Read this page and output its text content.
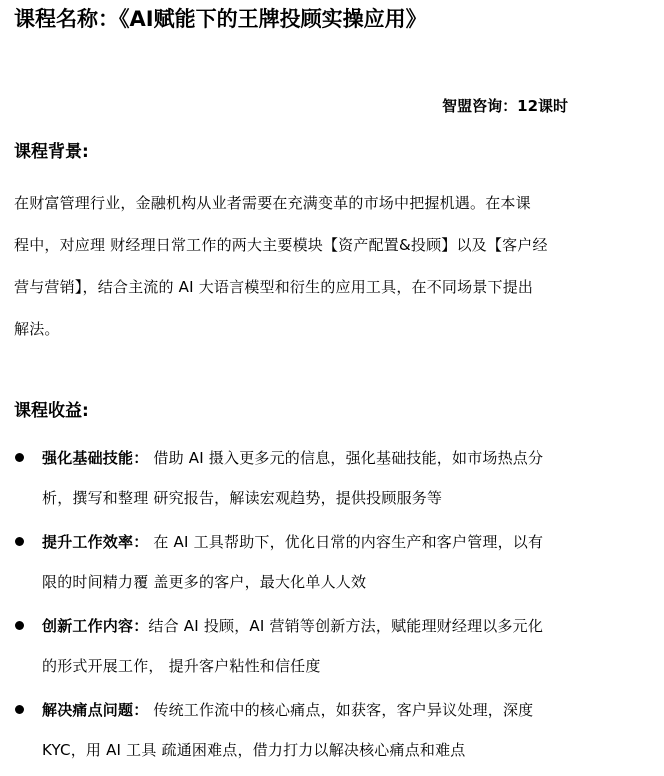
课程名称：《AI赋能下的王牌投顾实操应用》
智盟咨询：12课时
课程背景:
在财富管理行业，金融机构从业者需要在充满变革的市场中把握机遇。在本课
程中，对应理 财经理日常工作的两大主要模块【资产配置&投顾】以及【客户经
营与营销】，结合主流的 AI 大语言模型和衍生的应用工具，在不同场景下提出
解法。
课程收益:
强化基础技能： 借助 AI 摄入更多元的信息，强化基础技能，如市场热点分
析，撰写和整理 研究报告，解读宏观趋势，提供投顾服务等
提升工作效率： 在 AI 工具帮助下，优化日常的内容生产和客户管理，以有
限的时间精力覆 盖更多的客户，最大化单人人效
创新工作内容：结合 AI 投顾，AI 营销等创新方法，赋能理财经理以多元化
的形式开展工作， 提升客户粘性和信任度
解决痛点问题： 传统工作流中的核心痛点，如获客，客户异议处理，深度
KYC，用 AI 工具 疏通困难点，借力打力以解决核心痛点和难点
